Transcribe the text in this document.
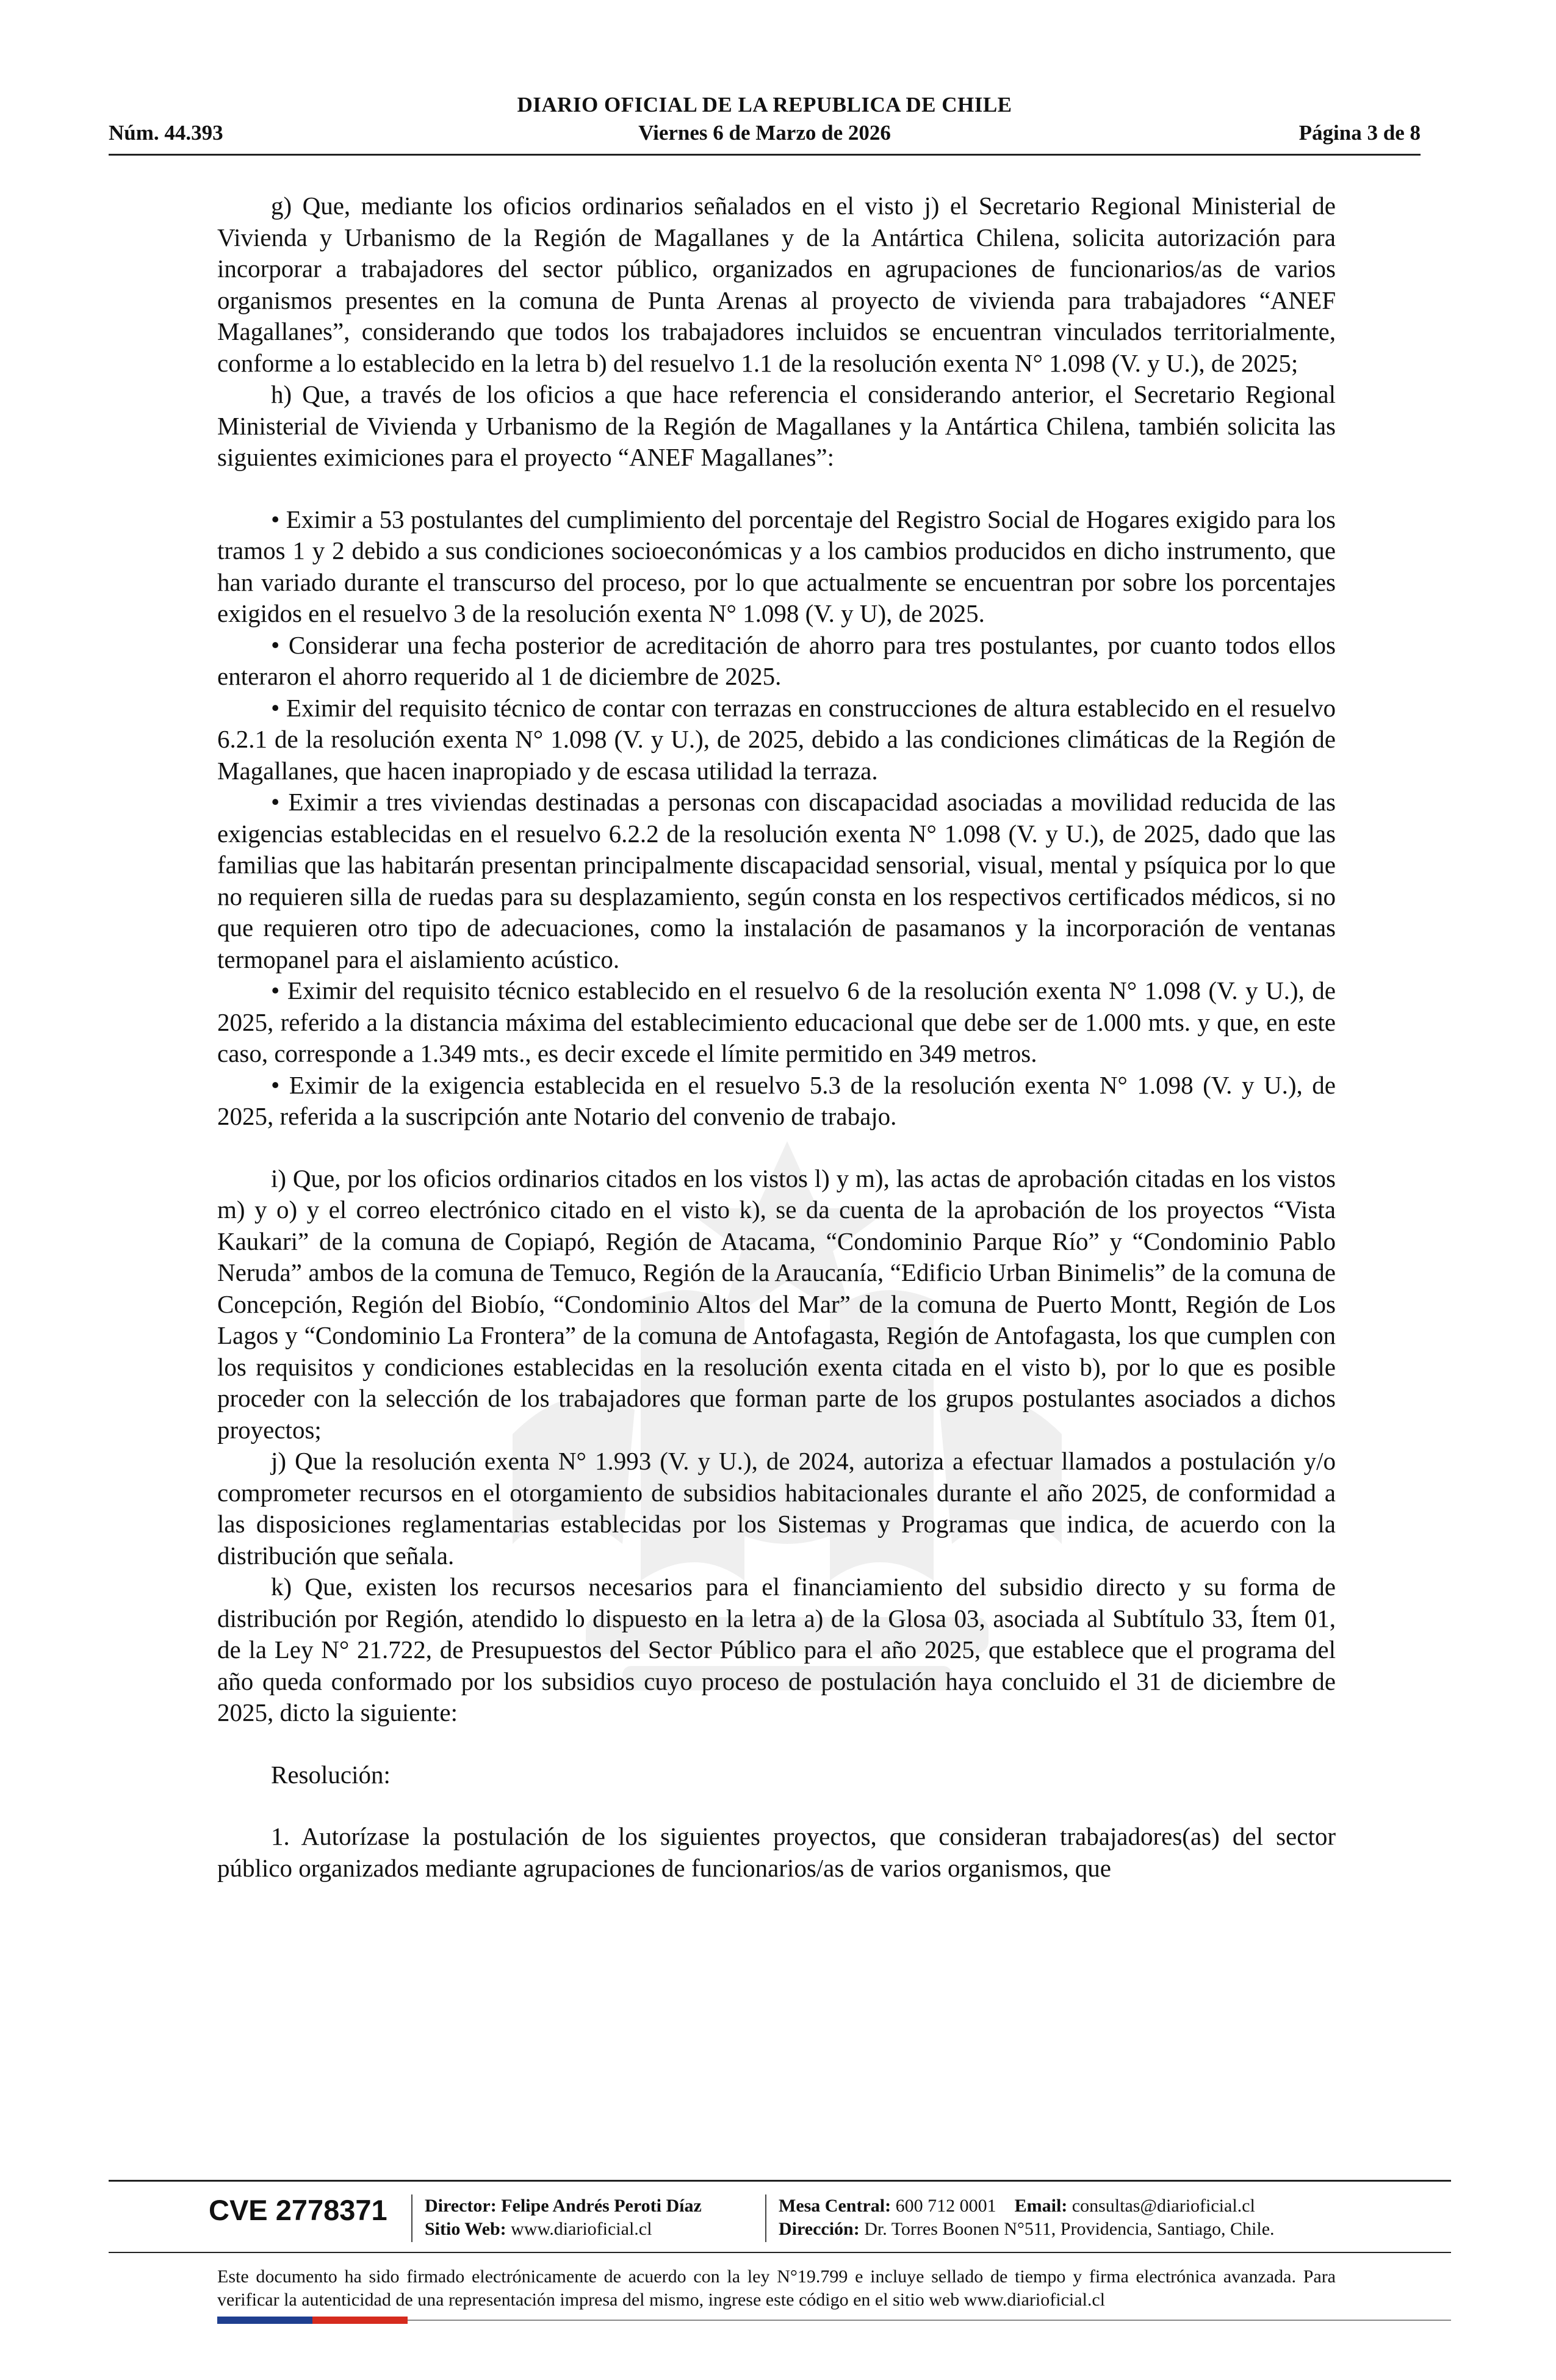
DIARIO OFICIAL DE LA REPUBLICA DE CHILE
Núm. 44.393	Viernes 6 de Marzo de 2026	Página 3 de 8

g) Que, mediante los oficios ordinarios señalados en el visto j) el Secretario Regional Ministerial de Vivienda y Urbanismo de la Región de Magallanes y de la Antártica Chilena, solicita autorización para incorporar a trabajadores del sector público, organizados en agrupaciones de funcionarios/as de varios organismos presentes en la comuna de Punta Arenas al proyecto de vivienda para trabajadores “ANEF Magallanes”, considerando que todos los trabajadores incluidos se encuentran vinculados territorialmente, conforme a lo establecido en la letra b) del resuelvo 1.1 de la resolución exenta N° 1.098 (V. y U.), de 2025;

h) Que, a través de los oficios a que hace referencia el considerando anterior, el Secretario Regional Ministerial de Vivienda y Urbanismo de la Región de Magallanes y la Antártica Chilena, también solicita las siguientes eximiciones para el proyecto “ANEF Magallanes”:

• Eximir a 53 postulantes del cumplimiento del porcentaje del Registro Social de Hogares exigido para los tramos 1 y 2 debido a sus condiciones socioeconómicas y a los cambios producidos en dicho instrumento, que han variado durante el transcurso del proceso, por lo que actualmente se encuentran por sobre los porcentajes exigidos en el resuelvo 3 de la resolución exenta N° 1.098 (V. y U), de 2025.

• Considerar una fecha posterior de acreditación de ahorro para tres postulantes, por cuanto todos ellos enteraron el ahorro requerido al 1 de diciembre de 2025.

• Eximir del requisito técnico de contar con terrazas en construcciones de altura establecido en el resuelvo 6.2.1 de la resolución exenta N° 1.098 (V. y U.), de 2025, debido a las condiciones climáticas de la Región de Magallanes, que hacen inapropiado y de escasa utilidad la terraza.

• Eximir a tres viviendas destinadas a personas con discapacidad asociadas a movilidad reducida de las exigencias establecidas en el resuelvo 6.2.2 de la resolución exenta N° 1.098 (V. y U.), de 2025, dado que las familias que las habitarán presentan principalmente discapacidad sensorial, visual, mental y psíquica por lo que no requieren silla de ruedas para su desplazamiento, según consta en los respectivos certificados médicos, si no que requieren otro tipo de adecuaciones, como la instalación de pasamanos y la incorporación de ventanas termopanel para el aislamiento acústico.

• Eximir del requisito técnico establecido en el resuelvo 6 de la resolución exenta N° 1.098 (V. y U.), de 2025, referido a la distancia máxima del establecimiento educacional que debe ser de 1.000 mts. y que, en este caso, corresponde a 1.349 mts., es decir excede el límite permitido en 349 metros.

• Eximir de la exigencia establecida en el resuelvo 5.3 de la resolución exenta N° 1.098 (V. y U.), de 2025, referida a la suscripción ante Notario del convenio de trabajo.

i) Que, por los oficios ordinarios citados en los vistos l) y m), las actas de aprobación citadas en los vistos m) y o) y el correo electrónico citado en el visto k), se da cuenta de la aprobación de los proyectos “Vista Kaukari” de la comuna de Copiapó, Región de Atacama, “Condominio Parque Río” y “Condominio Pablo Neruda” ambos de la comuna de Temuco, Región de la Araucanía, “Edificio Urban Binimelis” de la comuna de Concepción, Región del Biobío, “Condominio Altos del Mar” de la comuna de Puerto Montt, Región de Los Lagos y “Condominio La Frontera” de la comuna de Antofagasta, Región de Antofagasta, los que cumplen con los requisitos y condiciones establecidas en la resolución exenta citada en el visto b), por lo que es posible proceder con la selección de los trabajadores que forman parte de los grupos postulantes asociados a dichos proyectos;

j) Que la resolución exenta N° 1.993 (V. y U.), de 2024, autoriza a efectuar llamados a postulación y/o comprometer recursos en el otorgamiento de subsidios habitacionales durante el año 2025, de conformidad a las disposiciones reglamentarias establecidas por los Sistemas y Programas que indica, de acuerdo con la distribución que señala.

k) Que, existen los recursos necesarios para el financiamiento del subsidio directo y su forma de distribución por Región, atendido lo dispuesto en la letra a) de la Glosa 03, asociada al Subtítulo 33, Ítem 01, de la Ley N° 21.722, de Presupuestos del Sector Público para el año 2025, que establece que el programa del año queda conformado por los subsidios cuyo proceso de postulación haya concluido el 31 de diciembre de 2025, dicto la siguiente:

Resolución:

1. Autorízase la postulación de los siguientes proyectos, que consideran trabajadores(as) del sector público organizados mediante agrupaciones de funcionarios/as de varios organismos, que

CVE 2778371 Director: Felipe Andrés Peroti Díaz
Sitio Web: www.diarioficial.cl
Mesa Central: 600 712 0001 Email: consultas@diarioficial.cl
Dirección: Dr. Torres Boonen N°511, Providencia, Santiago, Chile.
Este documento ha sido firmado electrónicamente de acuerdo con la ley N°19.799 e incluye sellado de tiempo y firma electrónica avanzada. Para verificar la autenticidad de una representación impresa del mismo, ingrese este código en el sitio web www.diarioficial.cl
